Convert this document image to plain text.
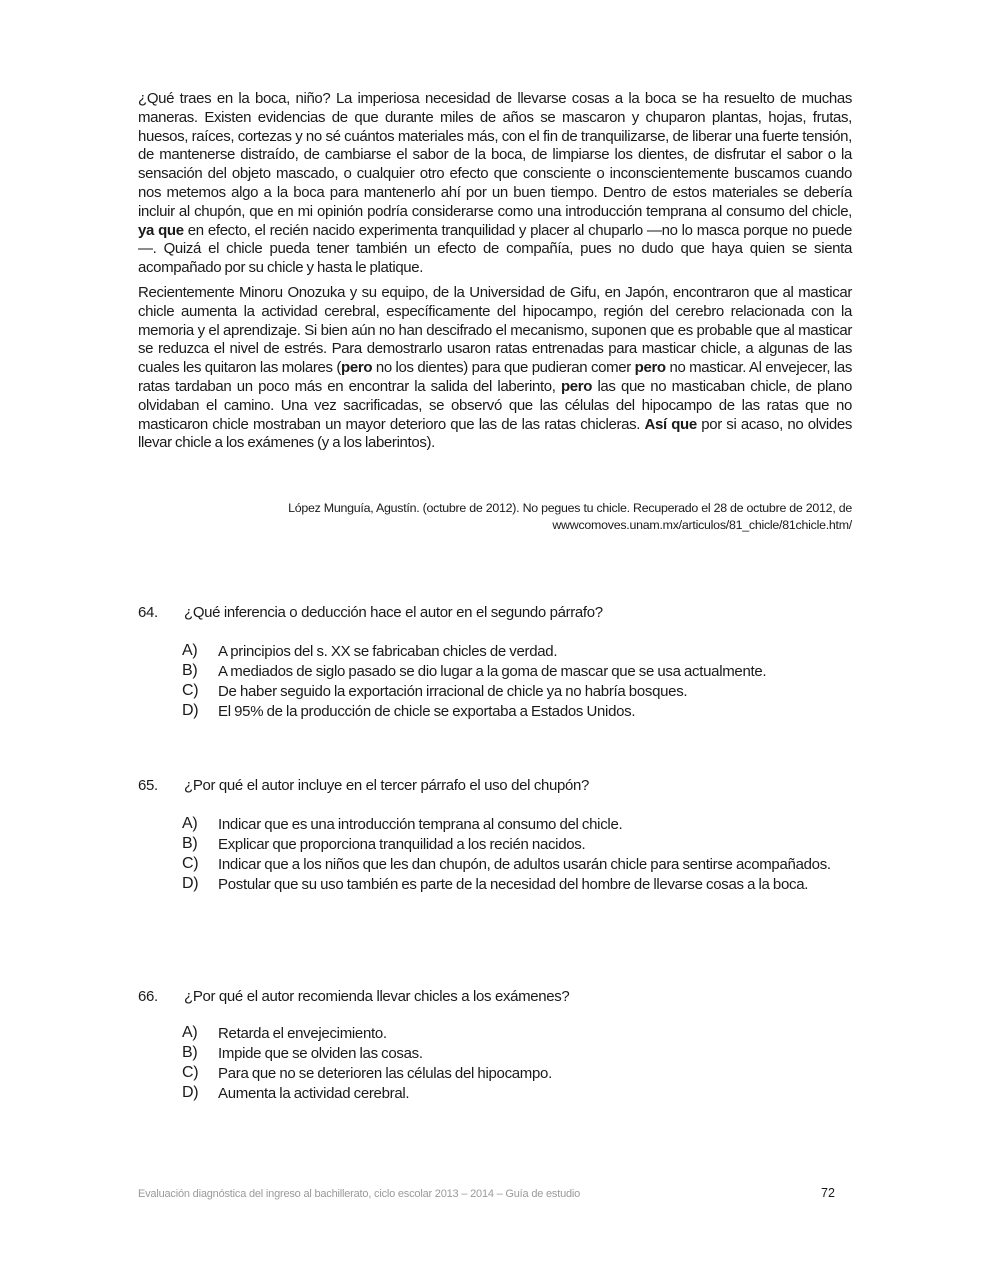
¿Qué traes en la boca, niño? La imperiosa necesidad de llevarse cosas a la boca se ha resuelto de muchas maneras. Existen evidencias de que durante miles de años se mascaron y chuparon plantas, hojas, frutas, huesos, raíces, cortezas y no sé cuántos materiales más, con el fin de tranquilizarse, de liberar una fuerte tensión, de mantenerse distraído, de cambiarse el sabor de la boca, de limpiarse los dientes, de disfrutar el sabor o la sensación del objeto mascado, o cualquier otro efecto que consciente o inconscientemente buscamos cuando nos metemos algo a la boca para mantenerlo ahí por un buen tiempo. Dentro de estos materiales se debería incluir al chupón, que en mi opinión podría considerarse como una introducción temprana al consumo del chicle, ya que en efecto, el recién nacido experimenta tranquilidad y placer al chuparlo —no lo masca porque no puede—. Quizá el chicle pueda tener también un efecto de compañía, pues no dudo que haya quien se sienta acompañado por su chicle y hasta le platique.

Recientemente Minoru Onozuka y su equipo, de la Universidad de Gifu, en Japón, encontraron que al masticar chicle aumenta la actividad cerebral, específicamente del hipocampo, región del cerebro relacionada con la memoria y el aprendizaje. Si bien aún no han descifrado el mecanismo, suponen que es probable que al masticar se reduzca el nivel de estrés. Para demostrarlo usaron ratas entrenadas para masticar chicle, a algunas de las cuales les quitaron las molares (pero no los dientes) para que pudieran comer pero no masticar. Al envejecer, las ratas tardaban un poco más en encontrar la salida del laberinto, pero las que no masticaban chicle, de plano olvidaban el camino. Una vez sacrificadas, se observó que las células del hipocampo de las ratas que no masticaron chicle mostraban un mayor deterioro que las de las ratas chicleras. Así que por si acaso, no olvides llevar chicle a los exámenes (y a los laberintos).

López Munguía, Agustín. (octubre de 2012). No pegues tu chicle. Recuperado el 28 de octubre de 2012, de
wwwcomoves.unam.mx/articulos/81_chicle/81chicle.htm/
64. ¿Qué inferencia o deducción hace el autor en el segundo párrafo?
A) A principios del s. XX se fabricaban chicles de verdad.
B) A mediados de siglo pasado se dio lugar a la goma de mascar que se usa actualmente.
C) De haber seguido la exportación irracional de chicle ya no habría bosques.
D) El 95% de la producción de chicle se exportaba a Estados Unidos.
65. ¿Por qué el autor incluye en el tercer párrafo el uso del chupón?
A) Indicar que es una introducción temprana al consumo del chicle.
B) Explicar que proporciona tranquilidad a los recién nacidos.
C) Indicar que a los niños que les dan chupón, de adultos usarán chicle para sentirse acompañados.
D) Postular que su uso también es parte de la necesidad del hombre de llevarse cosas a la boca.
66. ¿Por qué el autor recomienda llevar chicles a los exámenes?
A) Retarda el envejecimiento.
B) Impide que se olviden las cosas.
C) Para que no se deterioren las células del hipocampo.
D) Aumenta la actividad cerebral.
Evaluación diagnóstica del ingreso al bachillerato, ciclo escolar 2013 – 2014 – Guía de estudio	72
